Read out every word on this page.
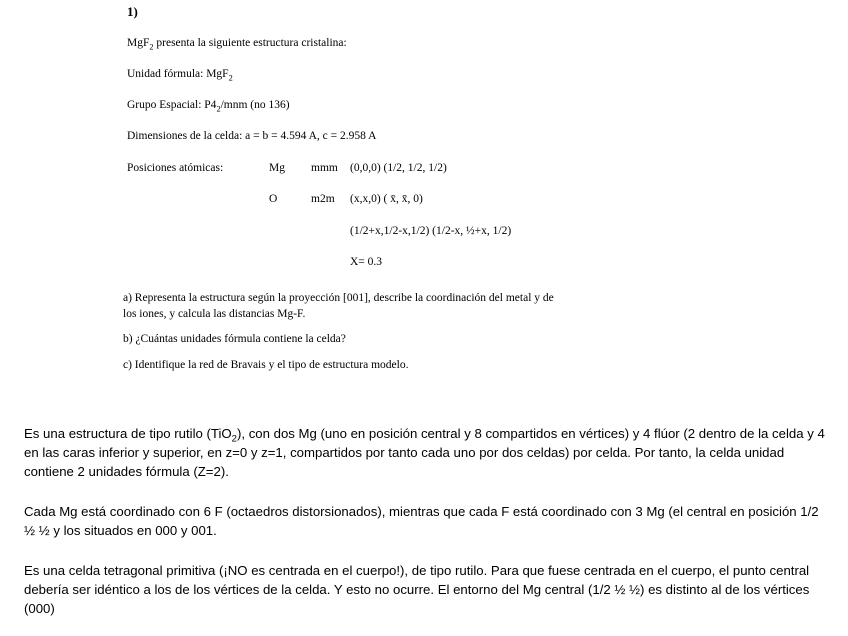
1)
MgF$_2$ presenta la siguiente estructura cristalina:
Unidad fórmula: MgF$_2$
Grupo Espacial: $P4_2$/mnm (no 136)
Dimensiones de la celda: a = b = 4.594 A, c = 2.958 A
Posiciones atómicas:	Mg mmm (0,0,0) (1/2, 1/2, 1/2)
O	m2m (x,x,0) ( x̄, x̄, 0)
(1/2+x,1/2-x,1/2) (1/2-x, ½+x, 1/2)
X= 0.3
a) Representa la estructura según la proyección [001], describe la coordinación del metal y de
los iones, y calcula las distancias Mg-F.
b) ¿Cuántas unidades fórmula contiene la celda?
c) Identifique la red de Bravais y el tipo de estructura modelo.
Es una estructura de tipo rutilo (TiO$_2$), con dos Mg (uno en posición central y 8 compartidos en vértices) y 4 flúor (2 dentro de la celda y 4 en las caras inferior y superior, en z=0 y z=1, compartidos por tanto cada uno por dos celdas) por celda. Por tanto, la celda unidad contiene 2 unidades fórmula (Z=2).
Cada Mg está coordinado con 6 F (octaedros distorsionados), mientras que cada F está coordinado con 3 Mg (el central en posición 1/2 ½ ½ y los situados en 000 y 001.
Es una celda tetragonal primitiva (¡NO es centrada en el cuerpo!), de tipo rutilo. Para que fuese centrada en el cuerpo, el punto central debería ser idéntico a los de los vértices de la celda. Y esto no ocurre. El entorno del Mg central (1/2 ½ ½) es distinto al de los vértices (000)
